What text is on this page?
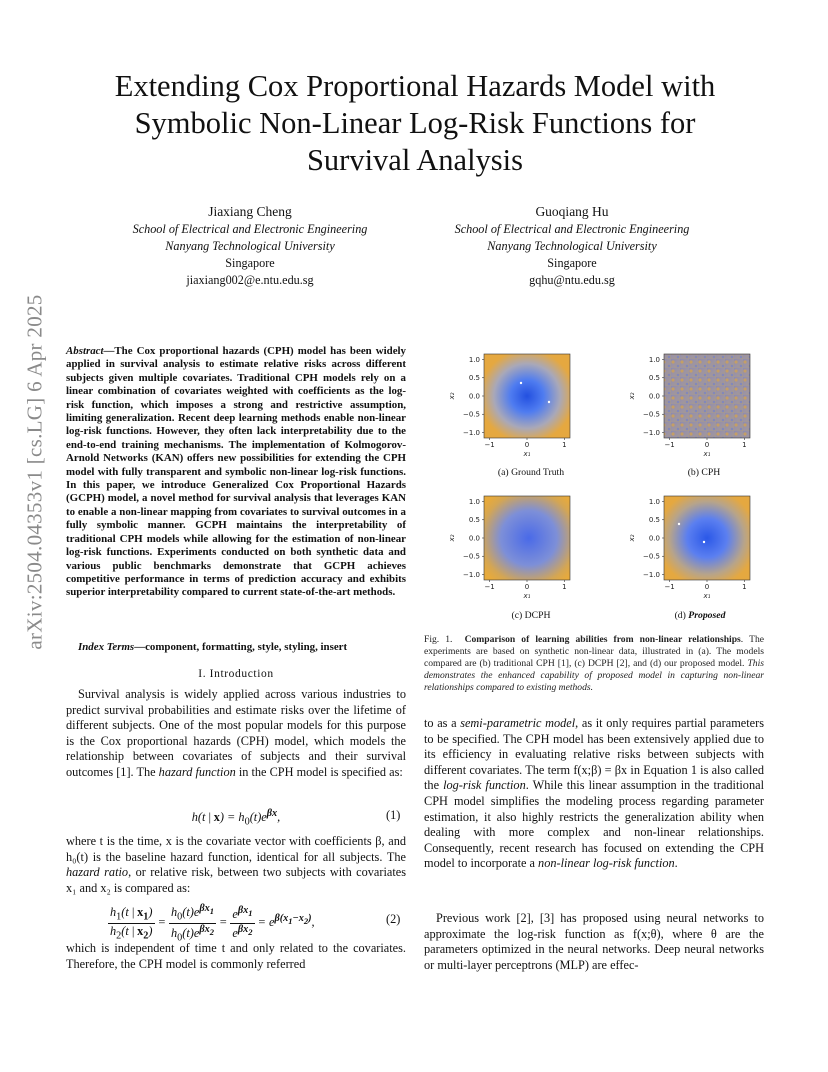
arXiv:2504.04353v1 [cs.LG] 6 Apr 2025
Extending Cox Proportional Hazards Model with
Symbolic Non-Linear Log-Risk Functions for
Survival Analysis
Jiaxiang Cheng
School of Electrical and Electronic Engineering
Nanyang Technological University
Singapore
jiaxiang002@e.ntu.edu.sg
Guoqiang Hu
School of Electrical and Electronic Engineering
Nanyang Technological University
Singapore
gqhu@ntu.edu.sg
Abstract—The Cox proportional hazards (CPH) model has been widely applied in survival analysis to estimate relative risks across different subjects given multiple covariates. Traditional CPH models rely on a linear combination of covariates weighted with coefficients as the log-risk function, which imposes a strong and restrictive assumption, limiting generalization. Recent deep learning methods enable non-linear log-risk functions. However, they often lack interpretability due to the end-to-end training mechanisms. The implementation of Kolmogorov-Arnold Networks (KAN) offers new possibilities for extending the CPH model with fully transparent and symbolic non-linear log-risk functions. In this paper, we introduce Generalized Cox Proportional Hazards (GCPH) model, a novel method for survival analysis that leverages KAN to enable a non-linear mapping from covariates to survival outcomes in a fully symbolic manner. GCPH maintains the interpretability of traditional CPH models while allowing for the estimation of non-linear log-risk functions. Experiments conducted on both synthetic data and various public benchmarks demonstrate that GCPH achieves competitive performance in terms of prediction accuracy and exhibits superior interpretability compared to current state-of-the-art methods.
Index Terms—component, formatting, style, styling, insert
I. Introduction
Survival analysis is widely applied across various industries to predict survival probabilities and estimate risks over the lifetime of different subjects. One of the most popular models for this purpose is the Cox proportional hazards (CPH) model, which models the relationship between covariates of subjects and their survival outcomes [1]. The hazard function in the CPH model is specified as:
h(t | $x) = h_0(t)e^{\beta x}$,	(1)
where t is the time, x is the covariate vector with coefficients β, and h₀(t) is the baseline hazard function, identical for all subjects. The hazard ratio, or relative risk, between two subjects with covariates x₁ and x₂ is compared as:
$\frac{h_1(t | x_1)}{h_2(t | x_2)}$ =
$h_0(t)e^{\beta x_1}$
$h_0(t)e^{\beta x_2}$
=
$e^{\beta x_1}$
$e^{\beta x_2}$
= $e^{\beta(x_1-x_2)}$,	(2)
which is independent of time t and only related to the covariates. Therefore, the CPH model is commonly referred
1.0
0.5
0.0
−0.5
−1.0
−1	0	1
x₁
x₂
1.0
0.5
0.0
−0.5
−1.0
−1	0	1
x₁
x₂
1.0
0.5
0.0
−0.5
−1.0
−1	0	1
x₁
x₂
1.0
0.5
0.0
−0.5
−1.0
−1	0	1
x₁
x₂
(a) Ground Truth	(b) CPH
(c) DCPH	(d) Proposed
Fig. 1. Comparison of learning abilities from non-linear relationships. The experiments are based on synthetic non-linear data, illustrated in (a). The models compared are (b) traditional CPH [1], (c) DCPH [2], and (d) our proposed model. This demonstrates the enhanced capability of proposed model in capturing non-linear relationships compared to existing methods.
to as a semi-parametric model, as it only requires partial parameters to be specified. The CPH model has been extensively applied due to its efficiency in evaluating relative risks between subjects with different covariates. The term f(x;β) = βx in Equation 1 is also called the log-risk function. While this linear assumption in the traditional CPH model simplifies the modeling process regarding parameter estimation, it also highly restricts the generalization ability when dealing with more complex and non-linear relationships. Consequently, recent research has focused on extending the CPH model to incorporate a non-linear log-risk function.
Previous work [2], [3] has proposed using neural networks to approximate the log-risk function as f(x;θ), where θ are the parameters optimized in the neural networks. Deep neural networks or multi-layer perceptrons (MLP) are effec-
